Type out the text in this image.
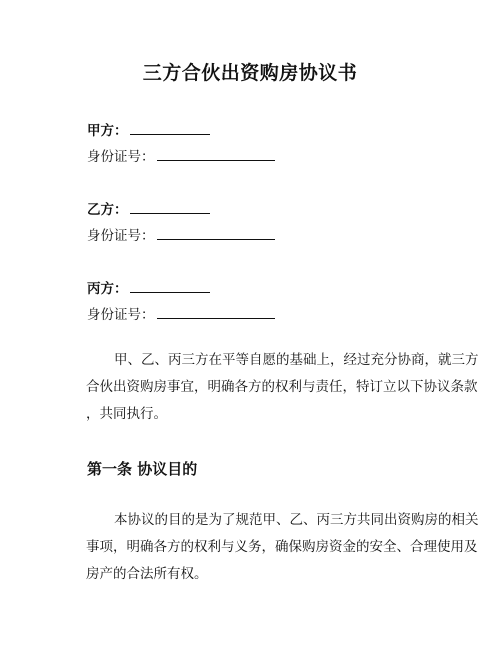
三方合伙出资购房协议书
甲方：
身份证号：
乙方：
身份证号：
丙方：
身份证号：
甲、乙、丙三方在平等自愿的基础上，经过充分协商，就三方
合伙出资购房事宜，明确各方的权利与责任，特订立以下协议条款
，共同执行。
第一条 协议目的
本协议的目的是为了规范甲、乙、丙三方共同出资购房的相关
事项，明确各方的权利与义务，确保购房资金的安全、合理使用及
房产的合法所有权。
